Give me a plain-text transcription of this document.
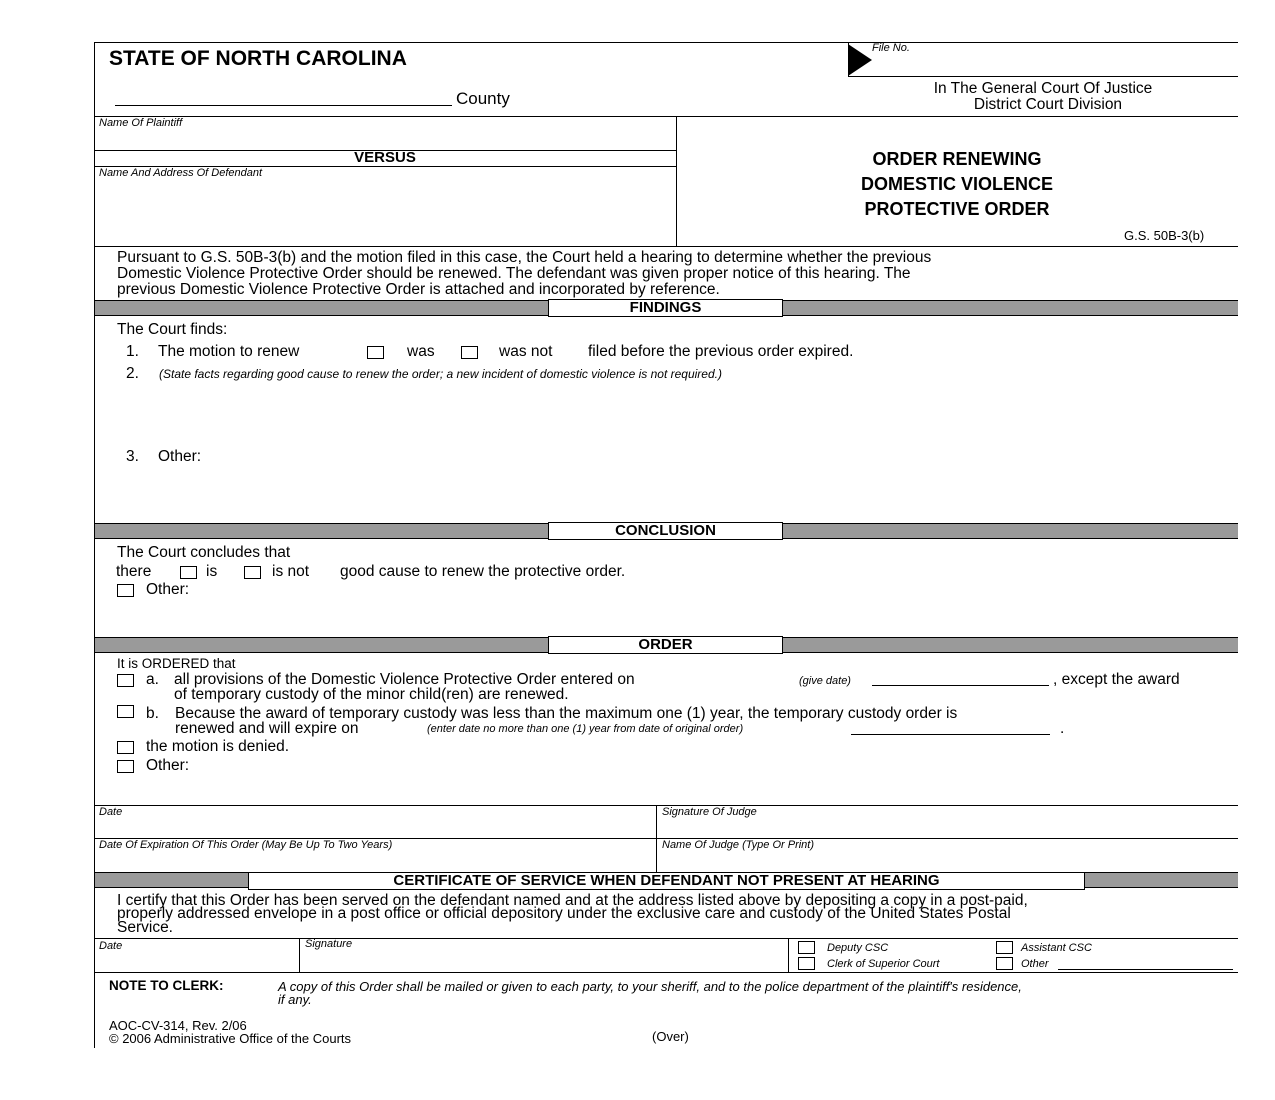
STATE OF NORTH CAROLINA
County
File No.
In The General Court Of Justice
District Court Division
Name Of Plaintiff
VERSUS
Name And Address Of Defendant
ORDER RENEWING
DOMESTIC VIOLENCE
PROTECTIVE ORDER
G.S. 50B-3(b)
Pursuant to G.S. 50B-3(b) and the motion filed in this case, the Court held a hearing to determine whether the previous
Domestic Violence Protective Order should be renewed. The defendant was given proper notice of this hearing. The
previous Domestic Violence Protective Order is attached and incorporated by reference.
FINDINGS
The Court finds:
1. The motion to renew	was	was not filed before the previous order expired.
2. (State facts regarding good cause to renew the order; a new incident of domestic violence is not required.)
3. Other:
CONCLUSION
The Court concludes that
there	is	is not good cause to renew the protective order.
Other:
ORDER
It is ORDERED that
a. all provisions of the Domestic Violence Protective Order entered on	(give date)	, except the award
of temporary custody of the minor child(ren) are renewed.
b. Because the award of temporary custody was less than the maximum one (1) year, the temporary custody order is
renewed and will expire on	(enter date no more than one (1) year from date of original order)	.
the motion is denied.
Other:
Date	Signature Of Judge
Date Of Expiration Of This Order (May Be Up To Two Years)	Name Of Judge (Type Or Print)
CERTIFICATE OF SERVICE WHEN DEFENDANT NOT PRESENT AT HEARING
I certify that this Order has been served on the defendant named and at the address listed above by depositing a copy in a post-paid,
properly addressed envelope in a post office or official depository under the exclusive care and custody of the United States Postal
Service.
Date	Signature	Deputy CSC	Assistant CSC
Clerk of Superior Court	Other
NOTE TO CLERK:	A copy of this Order shall be mailed or given to each party, to your sheriff, and to the police department of the plaintiff's residence,
if any.
AOC-CV-314, Rev. 2/06
© 2006 Administrative Office of the Courts	(Over)
